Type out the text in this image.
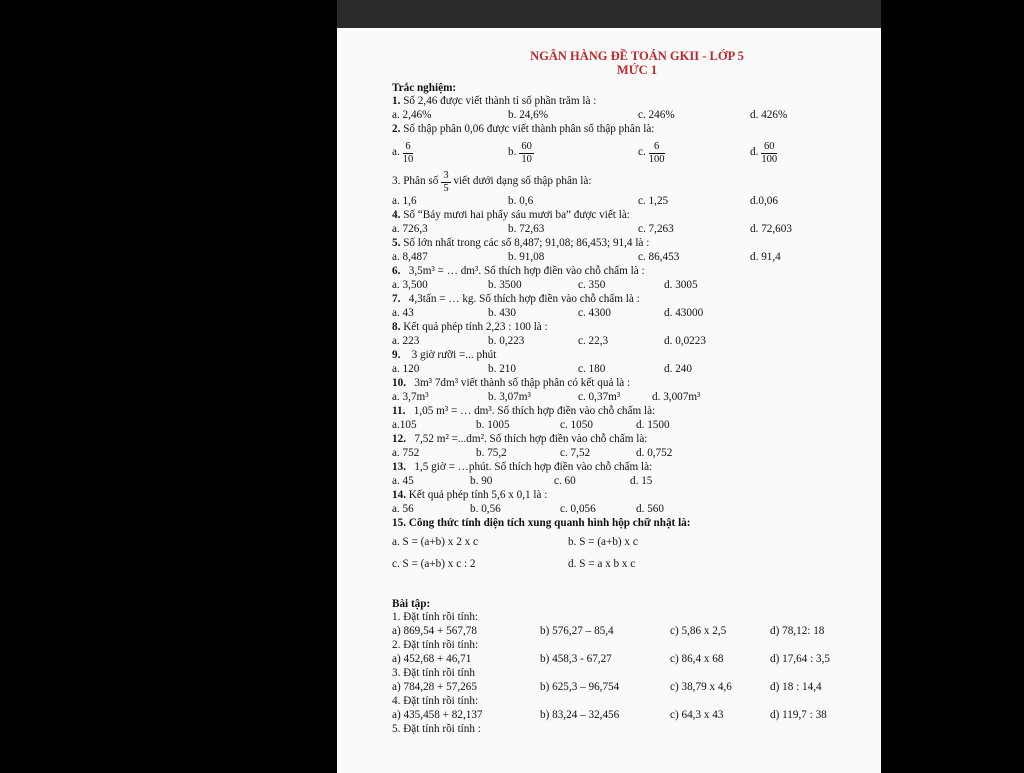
NGÂN HÀNG ĐỀ TOÁN GKII - LỚP 5
MỨC 1
Trắc nghiệm:
1. Số 2,46 được viết thành tỉ số phần trăm là :
a. 2,46%	b. 24,6%	c. 246%	d. 426%
2. Số thập phân 0,06 được viết thành phân số thập phân là:
a. $\frac{6}{10}$	b. $\frac{60}{10}$	c. $\frac{6}{100}$	d. $\frac{60}{100}$
3.
Phân số $\frac{3}{5}$
viết dưới dạng số thập phân là:
a. 1,6	b. 0,6	c. 1,25	d.0,06
4. Số “Bảy mươi hai phẩy sáu mươi ba” được viết là:
a. 726,3	b. 72,63	c. 7,263	d. 72,603
5. Số lớn nhất trong các số 8,487; 91,08; 86,453; 91,4 là :
a. 8,487	b. 91,08	c. 86,453	d. 91,4
6. 3,5m³ = … dm³. Số thích hợp điền vào chỗ chấm là :
a. 3,500	b. 3500	c. 350	d. 3005
7. 4,3tấn = … kg. Số thích hợp điền vào chỗ chấm là :
a. 43	b. 430	c. 4300	d. 43000
8. Kết quả phép tính 2,23 : 100 là :
a. 223	b. 0,223	c. 22,3	d. 0,0223
9. 3 giờ rưỡi =... phút
a. 120	b. 210	c. 180	d. 240
10. 3m³ 7dm³ viết thành số thập phân có kết quả là :
a. 3,7m³	b. 3,07m³	c. 0,37m³	d. 3,007m³
11. 1,05 m³ = … dm³. Số thích hợp điền vào chỗ chấm là:
a.105	b. 1005	c. 1050	d. 1500
12. 7,52 m² =...dm². Số thích hợp điền vào chỗ chấm là:
a. 752	b. 75,2	c. 7,52	d. 0,752
13. 1,5 giờ = …phút. Số thích hợp điền vào chỗ chấm là:
a. 45	b. 90	c. 60	d. 15
14. Kết quả phép tính 5,6 x 0,1 là :
a. 56	b. 0,56	c. 0,056	d. 560
15. Công thức tính diện tích xung quanh hình hộp chữ nhật là:
a. S = (a+b) x 2 x c	b. S = (a+b) x c
c. S = (a+b) x c : 2	d. S = a x b x c
Bài tập:
1. Đặt tính rồi tính:
a) 869,54 + 567,78	b) 576,27 – 85,4	c) 5,86 x 2,5	d) 78,12: 18
2. Đặt tính rồi tính:
a) 452,68 + 46,71	b) 458,3 - 67,27	c) 86,4 x 68	d) 17,64 : 3,5
3. Đặt tính rồi tính
a) 784,28 + 57,265	b) 625,3 – 96,754	c) 38,79 x 4,6	d) 18 : 14,4
4. Đặt tính rồi tính:
a) 435,458 + 82,137	b) 83,24 – 32,456	c) 64,3 x 43	d) 119,7 : 38
5. Đặt tính rồi tính :
